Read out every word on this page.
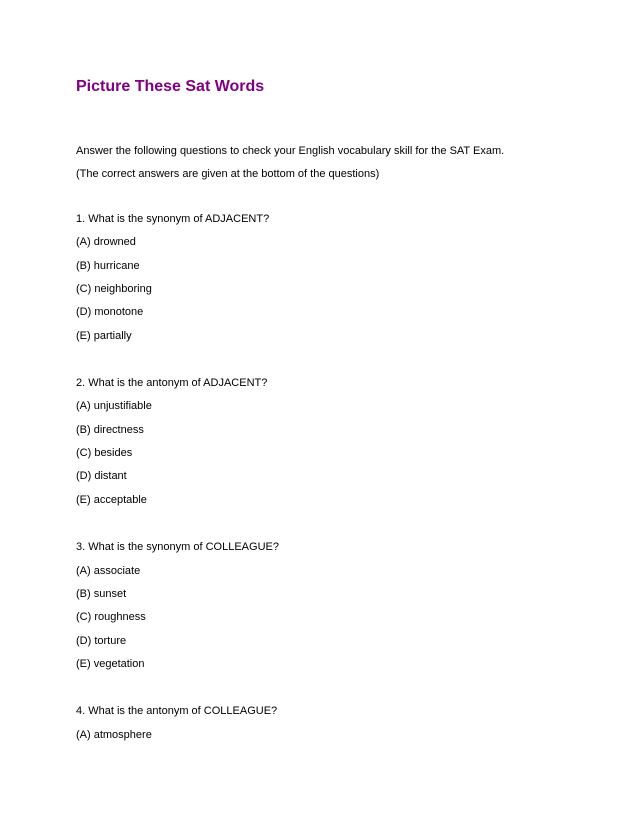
Picture These Sat Words

Answer the following questions to check your English vocabulary skill for the SAT Exam.

(The correct answers are given at the bottom of the questions)

1. What is the synonym of ADJACENT?

(A) drowned

(B) hurricane

(C) neighboring

(D) monotone

(E) partially

2. What is the antonym of ADJACENT?

(A) unjustifiable

(B) directness

(C) besides

(D) distant

(E) acceptable

3. What is the synonym of COLLEAGUE?

(A) associate

(B) sunset

(C) roughness

(D) torture

(E) vegetation

4. What is the antonym of COLLEAGUE?

(A) atmosphere
